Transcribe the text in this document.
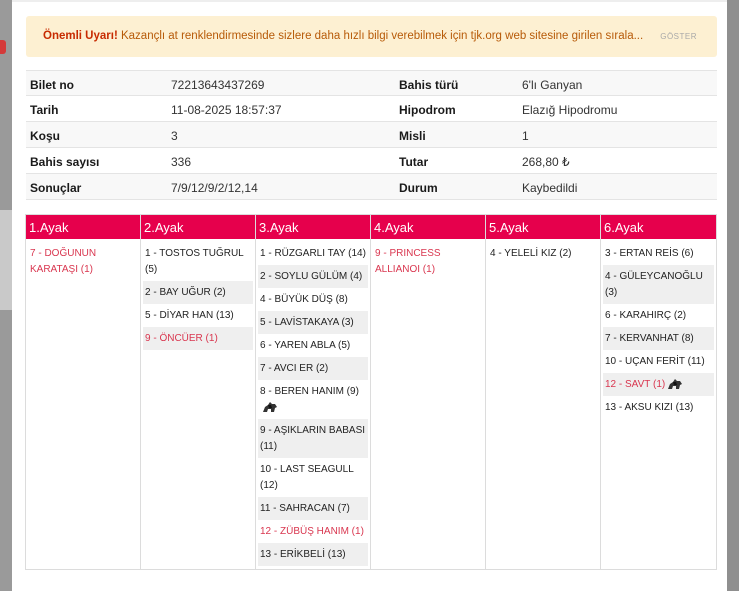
Önemli Uyarı! Kazançlı at renklendirmesinde sizlere daha hızlı bilgi verebilmek için tjk.org web sitesine girilen sırala... GÖSTER
Bilet no	72213643437269	Bahis türü	6'lı Ganyan
Tarih	11-08-2025 18:57:37	Hipodrom	Elazığ Hipodromu
Koşu	3	Misli	1
Bahis sayısı	336	Tutar	268,80 ₺
Sonuçlar	7/9/12/9/2/12,14	Durum	Kaybedildi
1.Ayak
7 - DOĞUNUN KARATAŞI (1)
2.Ayak
1 - TOSTOS TUĞRUL (5)
2 - BAY UĞUR (2)
5 - DİYAR HAN (13)
9 - ÖNCÜER (1)
3.Ayak
1 - RÜZGARLI TAY (14)
2 - SOYLU GÜLÜM (4)
4 - BÜYÜK DÜŞ (8)
5 - LAVİSTAKAYA (3)
6 - YAREN ABLA (5)
7 - AVCI ER (2)
8 - BEREN HANIM (9)
9 - AŞIKLARIN BABASI (11)
10 - LAST SEAGULL (12)
11 - SAHRACAN (7)
12 - ZÜBÜŞ HANIM (1)
13 - ERİKBELİ (13)
4.Ayak
9 - PRINCESS ALLIANOI (1)
5.Ayak
4 - YELELİ KIZ (2)
6.Ayak
3 - ERTAN REİS (6)
4 - GÜLEYCANOĞLU (3)
6 - KARAHIRÇ (2)
7 - KERVANHAT (8)
10 - UÇAN FERİT (11)
12 - SAVT (1)
13 - AKSU KIZI (13)
